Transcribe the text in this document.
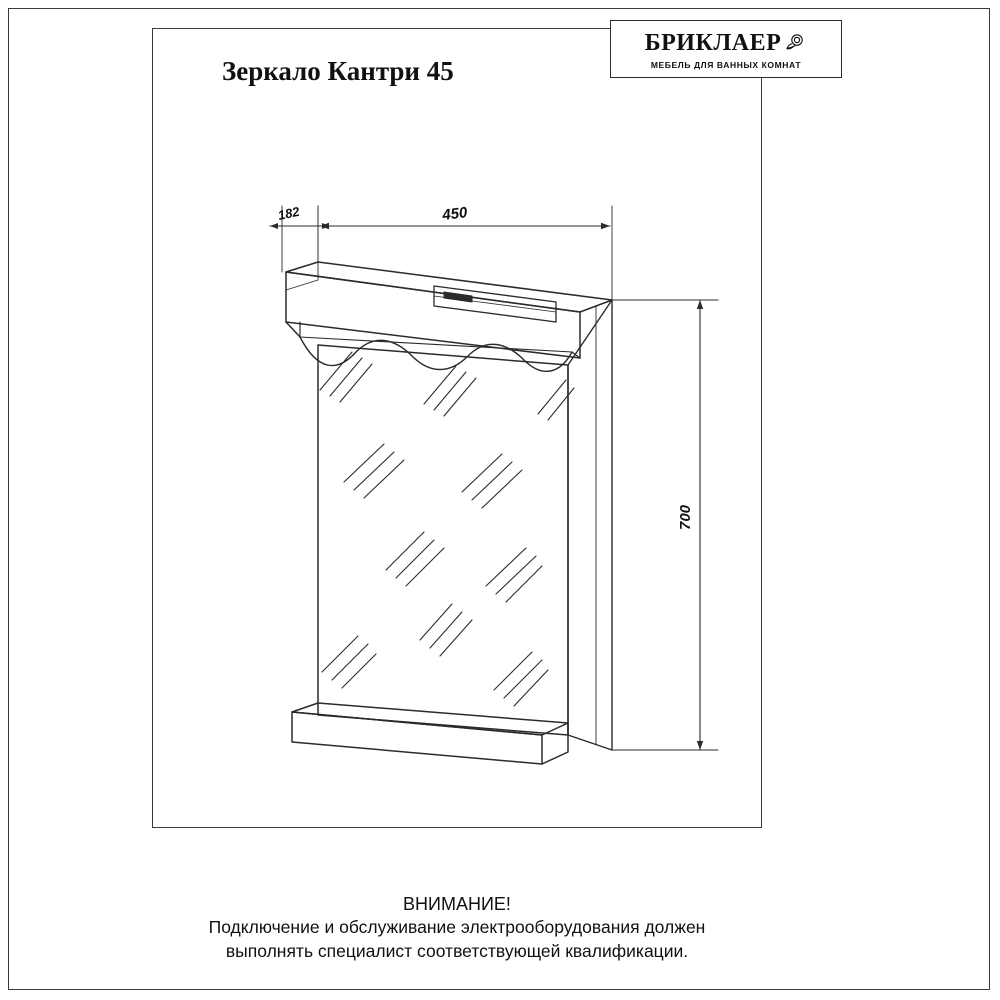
БРИКЛАЕР
МЕБЕЛЬ ДЛЯ ВАННЫХ КОМНАТ
Зеркало Кантри 45
182	450
700
ВНИМАНИЕ!
Подключение и обслуживание электрооборудования должен
выполнять специалист соответствующей квалификации.
